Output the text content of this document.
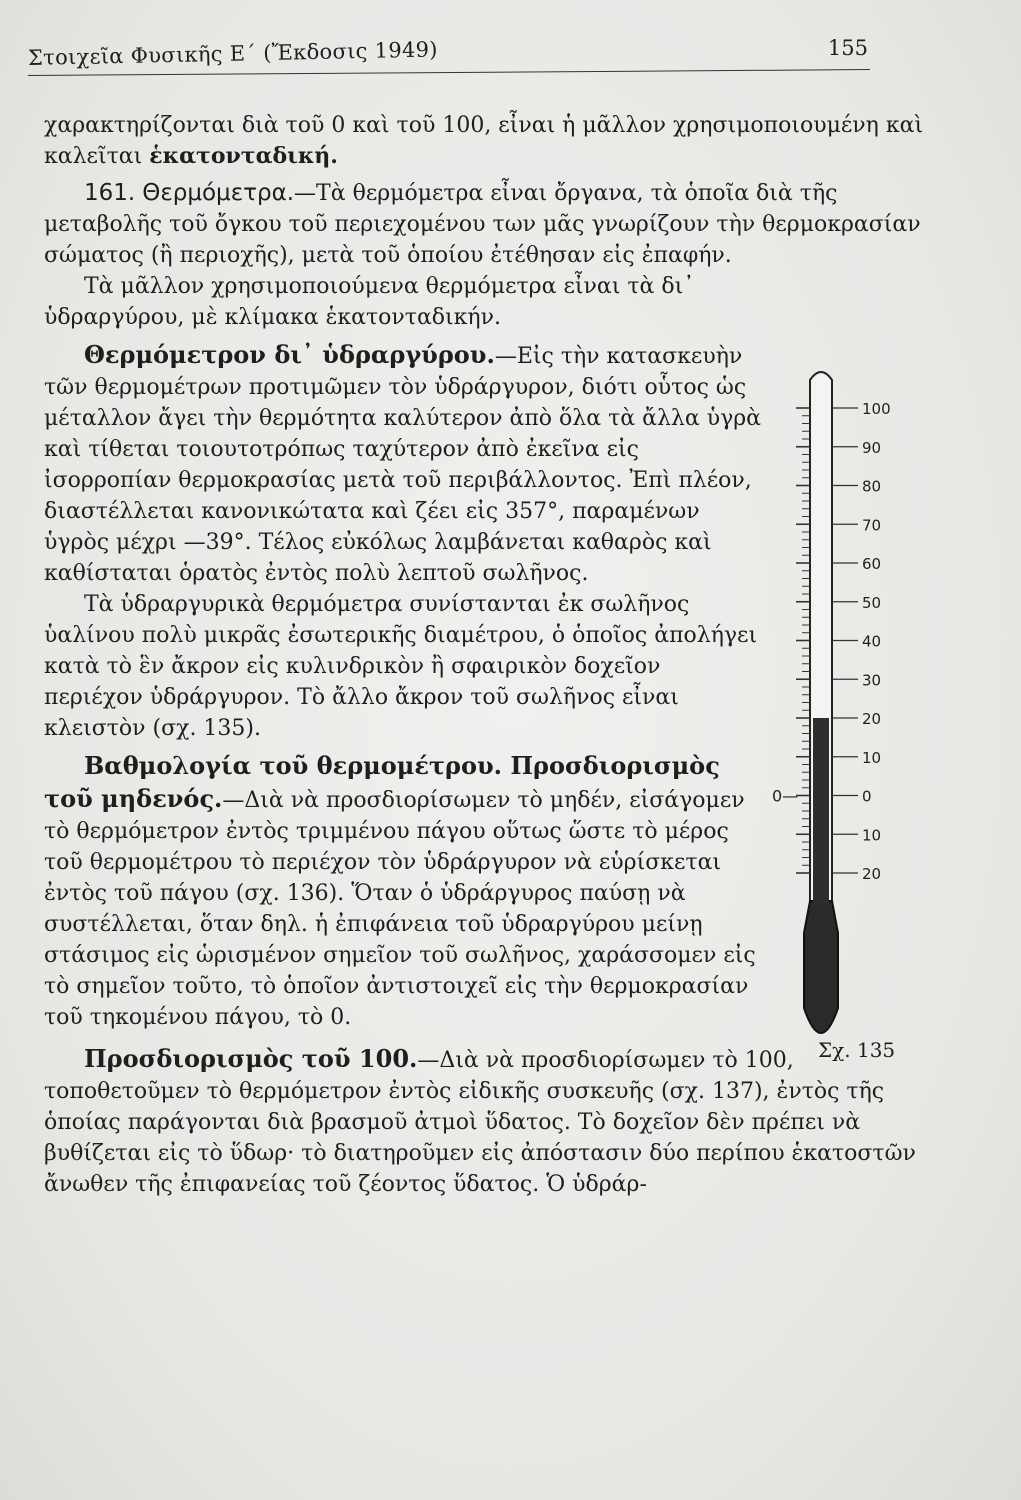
Στοιχεῖα Φυσικῆς Ε΄ (Ἔκδοσις 1949)	155

χαρακτηρίζονται διὰ τοῦ 0 καὶ τοῦ 100, εἶναι ἡ μᾶλλον χρησιμοποιουμένη καὶ καλεῖται ἑκατονταδική.

161. Θερμόμετρα.—Τὰ θερμόμετρα εἶναι ὄργανα, τὰ ὁποῖα διὰ τῆς μεταβολῆς τοῦ ὄγκου τοῦ περιεχομένου των μᾶς γνωρίζουν τὴν θερμοκρασίαν σώματος (ἢ περιοχῆς), μετὰ τοῦ ὁποίου ἐτέθησαν εἰς ἐπαφήν.

Τὰ μᾶλλον χρησιμοποιούμενα θερμόμετρα εἶναι τὰ δι᾽ ὑδραργύρου, μὲ κλίμακα ἑκατονταδικήν.

Θερμόμετρον δι᾽ ὑδραργύρου.—Εἰς τὴν κατασκευὴν τῶν θερμομέτρων προτιμῶμεν τὸν ὑδράργυρον, διότι οὗτος ὡς μέταλλον ἄγει τὴν θερμότητα καλύτερον ἀπὸ ὅλα τὰ ἄλλα ὑγρὰ καὶ τίθεται τοιουτοτρόπως ταχύτερον ἀπὸ ἐκεῖνα εἰς ἰσορροπίαν θερμοκρασίας μετὰ τοῦ περιβάλλοντος. Ἐπὶ πλέον, διαστέλλεται κανονικώτατα καὶ ζέει εἰς 357°, παραμένων ὑγρὸς μέχρι —39°. Τέλος εὐκόλως λαμβάνεται καθαρὸς καὶ καθίσταται ὁρατὸς ἐντὸς πολὺ λεπτοῦ σωλῆνος.

Τὰ ὑδραργυρικὰ θερμόμετρα συνίστανται ἐκ σωλῆνος ὑαλίνου πολὺ μικρᾶς ἐσωτερικῆς διαμέτρου, ὁ ὁποῖος ἀπολήγει κατὰ τὸ ἓν ἄκρον εἰς κυλινδρικὸν ἢ σφαιρικὸν δοχεῖον περιέχον ὑδράργυρον. Τὸ ἄλλο ἄκρον τοῦ σωλῆνος εἶναι κλειστὸν (σχ. 135).

Βαθμολογία τοῦ θερμομέτρου. Προσδιορισμὸς τοῦ μηδενός.—Διὰ νὰ προσδιορίσωμεν τὸ μηδέν, εἰσάγομεν τὸ θερμόμετρον ἐντὸς τριμμένου πάγου οὕτως ὥστε τὸ μέρος τοῦ θερμομέτρου τὸ περιέχον τὸν ὑδράργυρον νὰ εὑρίσκεται ἐντὸς τοῦ πάγου (σχ. 136). Ὅταν ὁ ὑδράργυρος παύσῃ νὰ συστέλλεται, ὅταν δηλ. ἡ ἐπιφάνεια τοῦ ὑδραργύρου μείνῃ στάσιμος εἰς ὡρισμένον σημεῖον τοῦ σωλῆνος, χαράσσομεν εἰς τὸ σημεῖον τοῦτο, τὸ ὁποῖον ἀντιστοιχεῖ εἰς τὴν θερμοκρασίαν τοῦ τηκομένου πάγου, τὸ 0.

Προσδιορισμὸς τοῦ 100.—Διὰ νὰ προσδιορίσωμεν τὸ 100, τοποθετοῦμεν τὸ θερμόμετρον ἐντὸς εἰδικῆς συσκευῆς (σχ. 137), ἐντὸς τῆς ὁποίας παράγονται διὰ βρασμοῦ ἀτμοὶ ὕδατος. Τὸ δοχεῖον δὲν πρέπει νὰ βυθίζεται εἰς τὸ ὕδωρ· τὸ διατηροῦμεν εἰς ἀπόστασιν δύο περίπου ἑκατοστῶν ἄνωθεν τῆς ἐπιφανείας τοῦ ζέοντος ὕδατος. Ὁ ὑδράρ-

100
90
80
70
60
50
40
30
20
10
0
10
20
0—
Σχ. 135
